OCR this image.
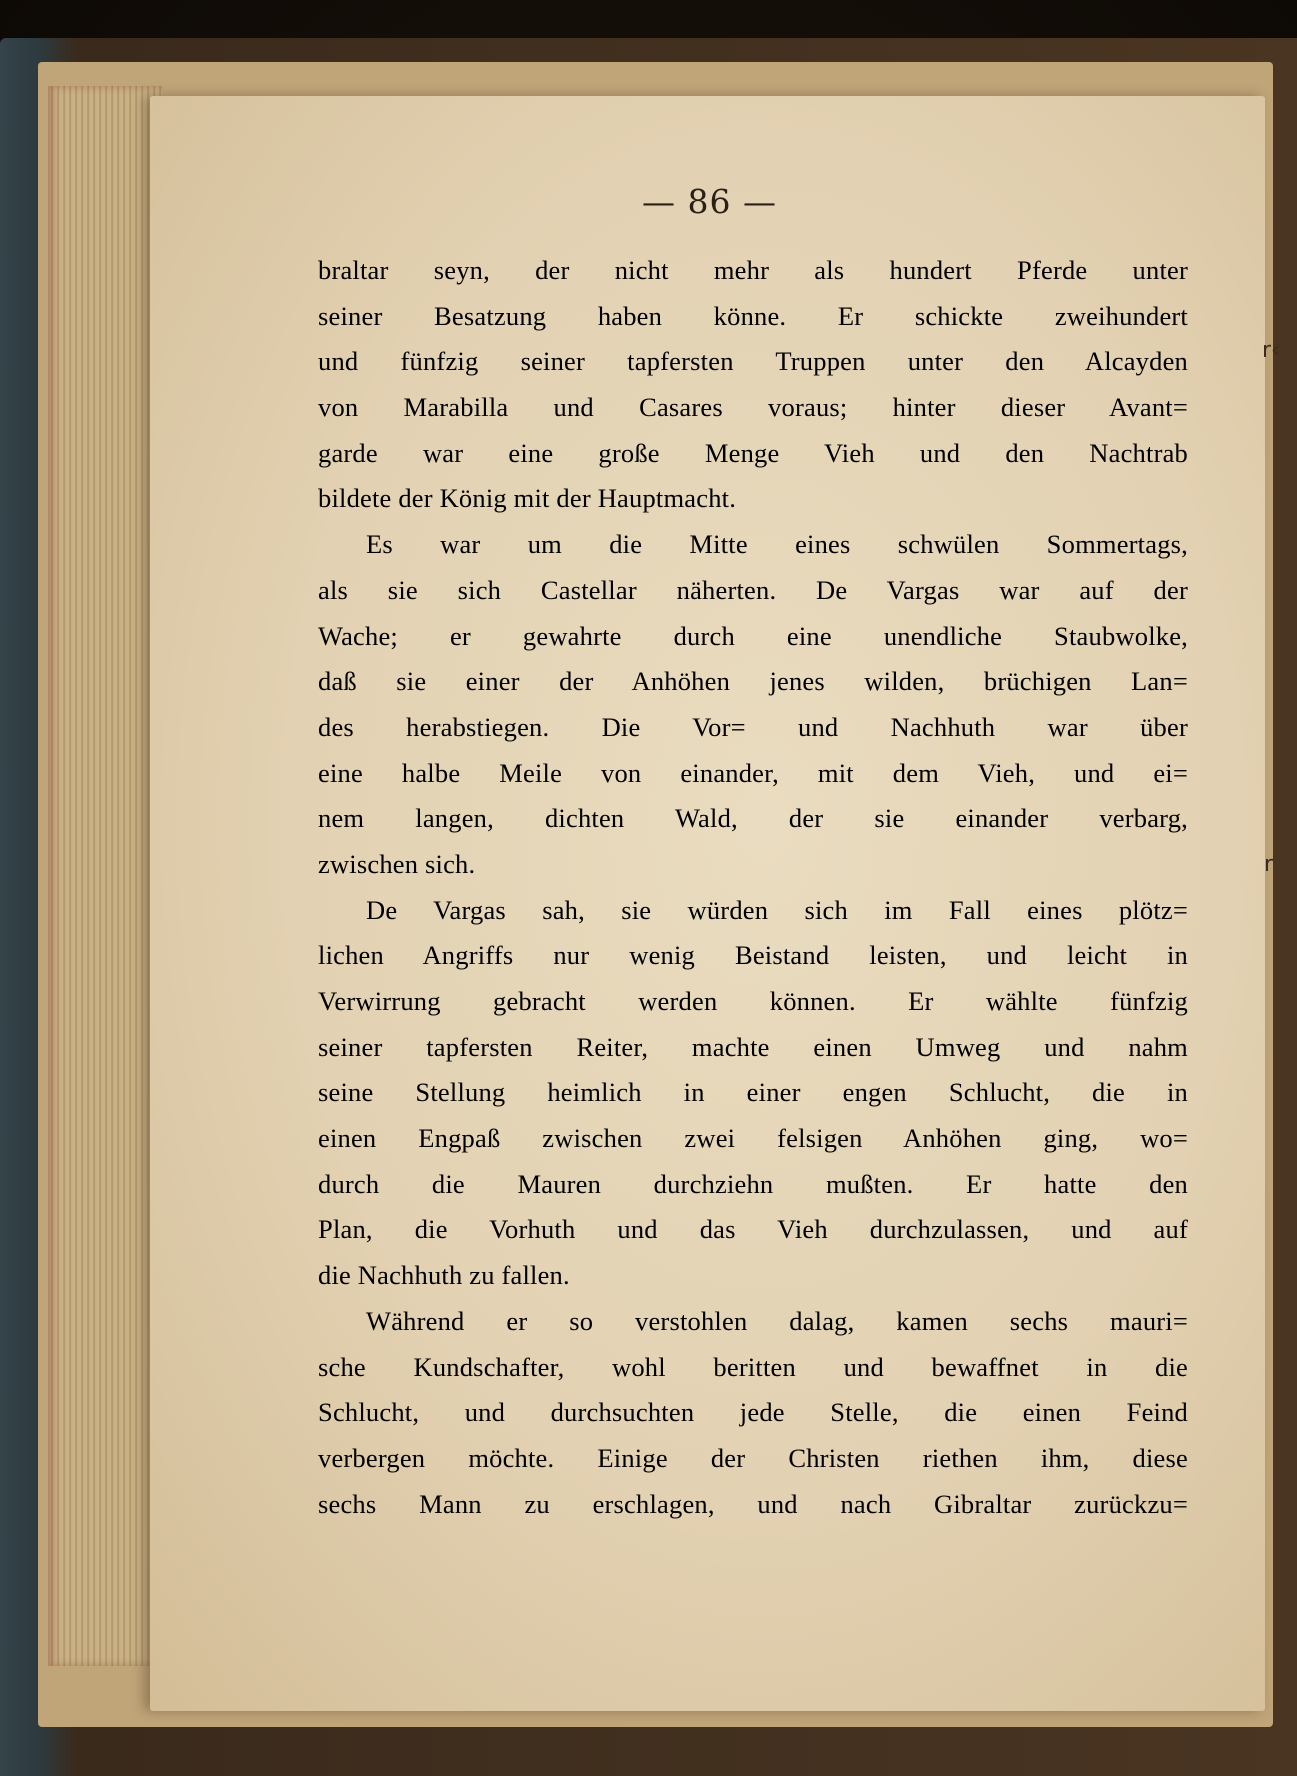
— 86 —
braltar seyn, der nicht mehr als hundert Pferde unter
seiner Besatzung haben könne. Er schickte zweihundert
und fünfzig seiner tapfersten Truppen unter den Alcayden
von Marabilla und Casares voraus; hinter dieser Avant=
garde war eine große Menge Vieh und den Nachtrab
bildete der König mit der Hauptmacht.
Es war um die Mitte eines schwülen Sommertags,
als sie sich Castellar näherten. De Vargas war auf der
Wache; er gewahrte durch eine unendliche Staubwolke,
daß sie einer der Anhöhen jenes wilden, brüchigen Lan=
des herabstiegen. Die Vor= und Nachhuth war über
eine halbe Meile von einander, mit dem Vieh, und ei=
nem langen, dichten Wald, der sie einander verbarg,
zwischen sich.
De Vargas sah, sie würden sich im Fall eines plötz=
lichen Angriffs nur wenig Beistand leisten, und leicht in
Verwirrung gebracht werden können. Er wählte fünfzig
seiner tapfersten Reiter, machte einen Umweg und nahm
seine Stellung heimlich in einer engen Schlucht, die in
einen Engpaß zwischen zwei felsigen Anhöhen ging, wo=
durch die Mauren durchziehn mußten. Er hatte den
Plan, die Vorhuth und das Vieh durchzulassen, und auf
die Nachhuth zu fallen.
Während er so verstohlen dalag, kamen sechs mauri=
sche Kundschafter, wohl beritten und bewaffnet in die
Schlucht, und durchsuchten jede Stelle, die einen Feind
verbergen möchte. Einige der Christen riethen ihm, diese
sechs Mann zu erschlagen, und nach Gibraltar zurückzu=
r‹
r
